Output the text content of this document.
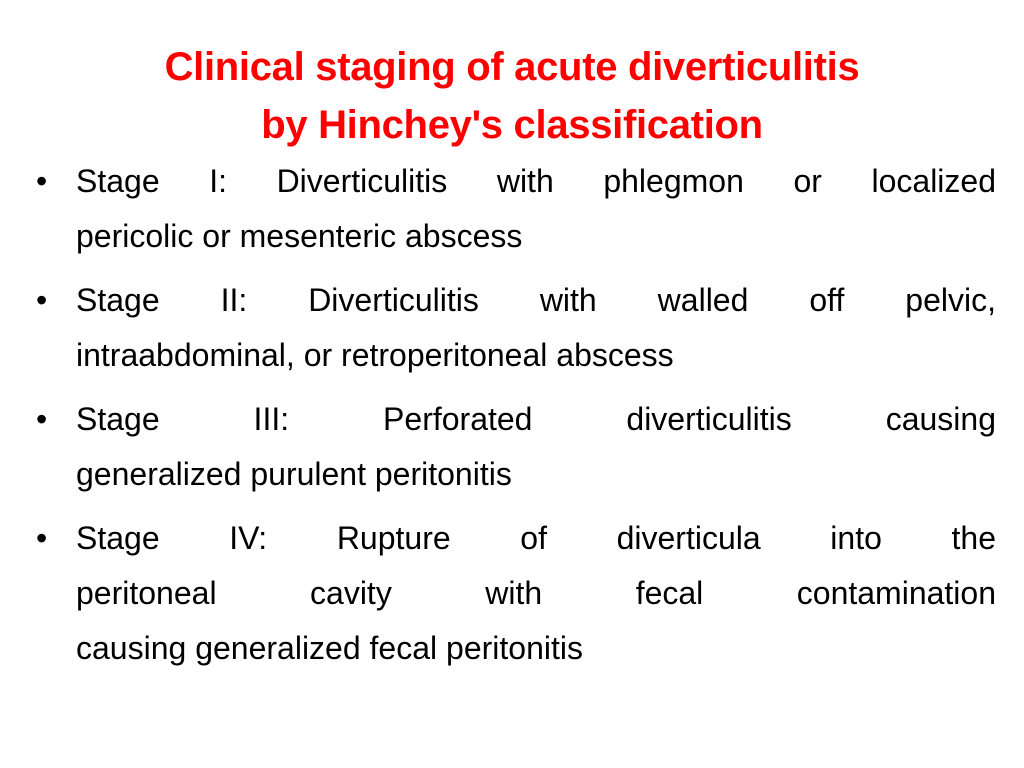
Clinical staging of acute diverticulitis
by Hinchey's classification
• Stage I: Diverticulitis with phlegmon or localized
pericolic or mesenteric abscess
• Stage II: Diverticulitis with walled off pelvic,
intraabdominal, or retroperitoneal abscess
• Stage III: Perforated diverticulitis causing
generalized purulent peritonitis
• Stage IV: Rupture of diverticula into the
peritoneal cavity with fecal contamination
causing generalized fecal peritonitis
